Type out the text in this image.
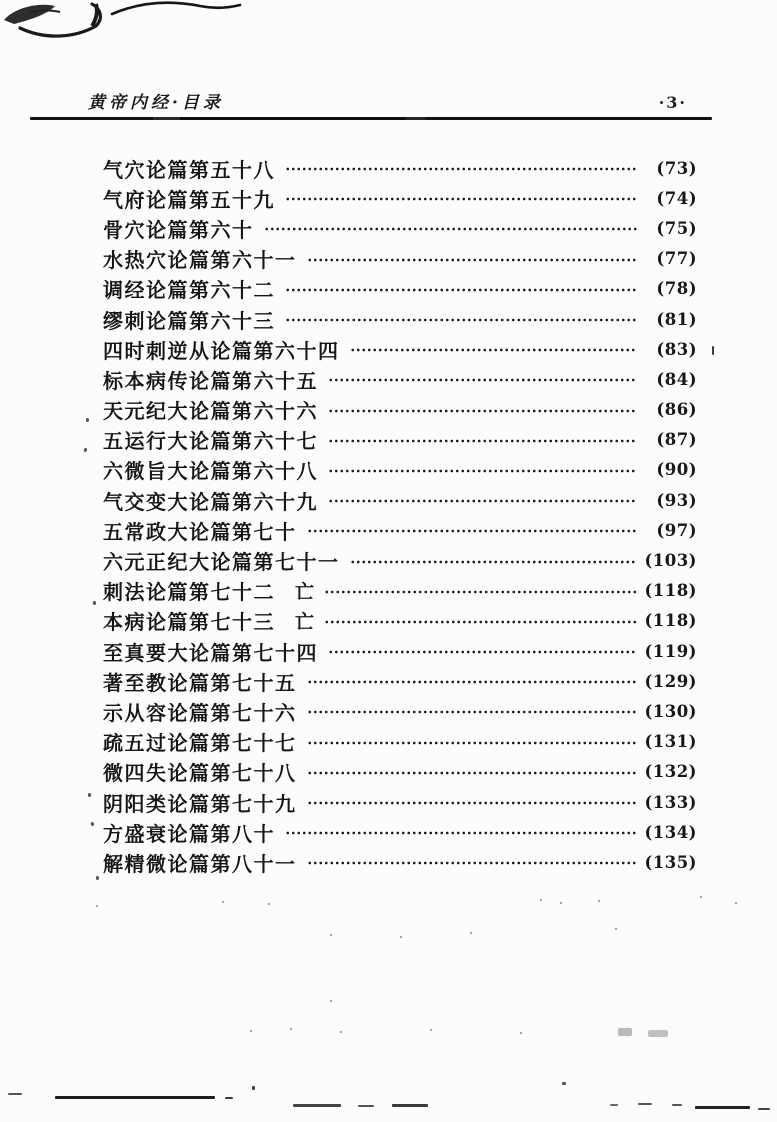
黄帝内经·目录	·3·
气穴论篇第五十八	(73)
气府论篇第五十九	(74)
骨穴论篇第六十	(75)
水热穴论篇第六十一	(77)
调经论篇第六十二	(78)
缪刺论篇第六十三	(81)
四时刺逆从论篇第六十四	(83)
标本病传论篇第六十五	(84)
天元纪大论篇第六十六	(86)
五运行大论篇第六十七	(87)
六微旨大论篇第六十八	(90)
气交变大论篇第六十九	(93)
五常政大论篇第七十	(97)
六元正纪大论篇第七十一	(103)
刺法论篇第七十二 亡	(118)
本病论篇第七十三 亡	(118)
至真要大论篇第七十四	(119)
著至教论篇第七十五	(129)
示从容论篇第七十六	(130)
疏五过论篇第七十七	(131)
微四失论篇第七十八	(132)
阴阳类论篇第七十九	(133)
方盛衰论篇第八十	(134)
解精微论篇第八十一	(135)
